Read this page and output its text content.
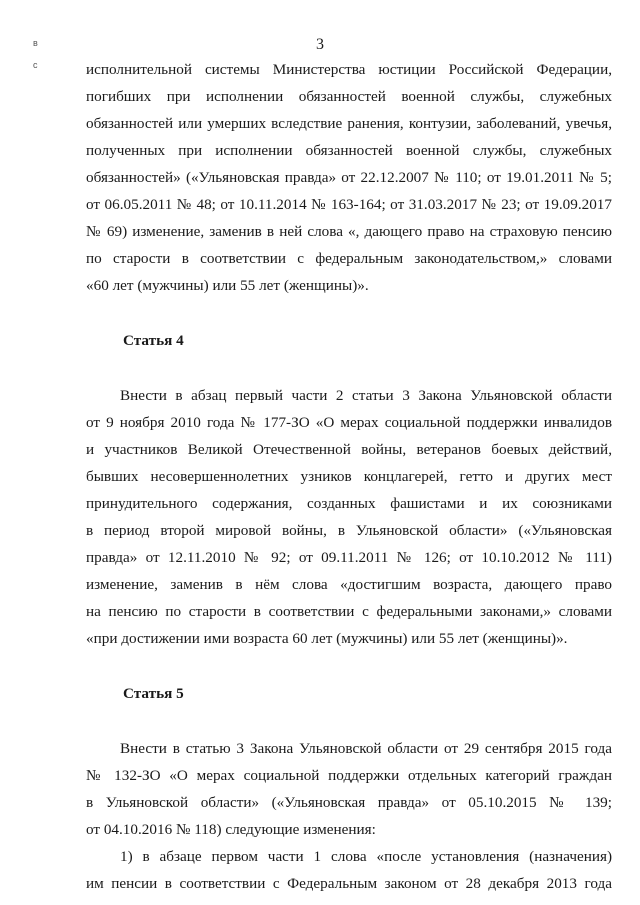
3
в
с	исполнительной системы Министерства юстиции Российской Федерации,
погибших при исполнении обязанностей военной службы, служебных
обязанностей или умерших вследствие ранения, контузии, заболеваний, увечья,
полученных при исполнении обязанностей военной службы, служебных
обязанностей» («Ульяновская правда» от 22.12.2007 № 110; от 19.01.2011 № 5;
от 06.05.2011 № 48; от 10.11.2014 № 163-164; от 31.03.2017 № 23; от 19.09.2017
№ 69) изменение, заменив в ней слова «, дающего право на страховую пенсию
по старости в соответствии с федеральным законодательством,» словами
«60 лет (мужчины) или 55 лет (женщины)».
Статья 4
Внести в абзац первый части 2 статьи 3 Закона Ульяновской области
от 9 ноября 2010 года № 177-ЗО «О мерах социальной поддержки инвалидов
и участников Великой Отечественной войны, ветеранов боевых действий,
бывших несовершеннолетних узников концлагерей, гетто и других мест
принудительного содержания, созданных фашистами и их союзниками
в период второй мировой войны, в Ульяновской области» («Ульяновская
правда» от 12.11.2010 № 92; от 09.11.2011 № 126; от 10.10.2012 № 111)
изменение, заменив в нём слова «достигшим возраста, дающего право
на пенсию по старости в соответствии с федеральными законами,» словами
«при достижении ими возраста 60 лет (мужчины) или 55 лет (женщины)».
Статья 5
Внести в статью 3 Закона Ульяновской области от 29 сентября 2015 года
№ 132-ЗО «О мерах социальной поддержки отдельных категорий граждан
в Ульяновской области» («Ульяновская правда» от 05.10.2015 № 139;
от 04.10.2016 № 118) следующие изменения:
1) в абзаце первом части 1 слова «после установления (назначения)
им пенсии в соответствии с Федеральным законом от 28 декабря 2013 года
